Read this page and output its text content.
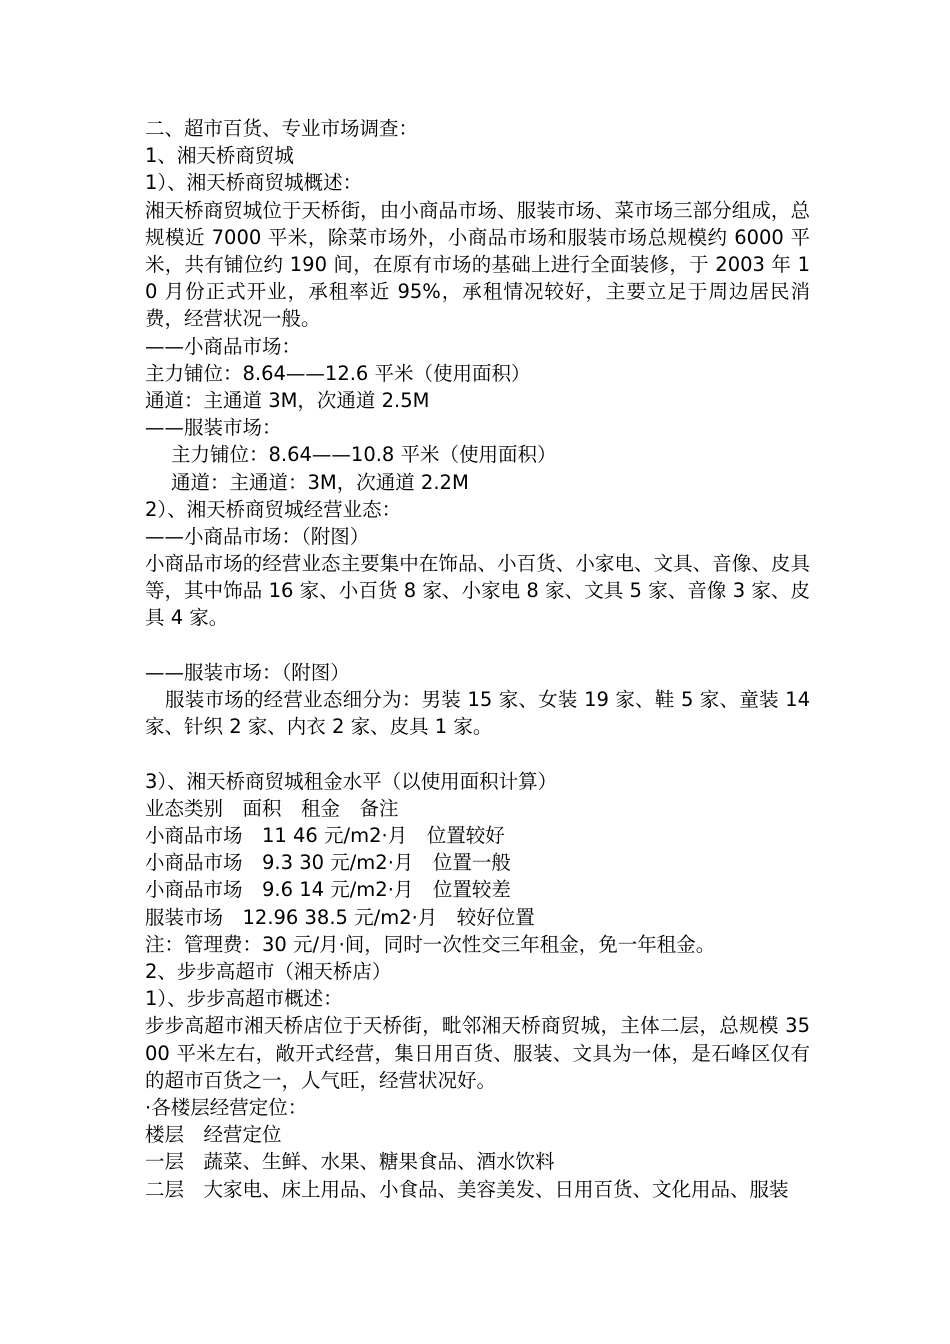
二、超市百货、专业市场调查：
1、湘天桥商贸城
1）、湘天桥商贸城概述：

湘天桥商贸城位于天桥街，由小商品市场、服装市场、菜市场三部分组成，总规模近 7000 平米，除菜市场外，小商品市场和服装市场总规模约 6000 平米，共有铺位约 190 间，在原有市场的基础上进行全面装修，于 2003 年 10 月份正式开业，承租率近 95%，承租情况较好，主要立足于周边居民消费，经营状况一般。

——小商品市场：
主力铺位：8.64——12.6 平米（使用面积）
通道：主通道 3M，次通道 2.5M
——服装市场：
主力铺位：8.64——10.8 平米（使用面积）
通道：主通道：3M，次通道 2.2M
2）、湘天桥商贸城经营业态：
——小商品市场：（附图）

小商品市场的经营业态主要集中在饰品、小百货、小家电、文具、音像、皮具等，其中饰品 16 家、小百货 8 家、小家电 8 家、文具 5 家、音像 3 家、皮具 4 家。

——服装市场：（附图）

服装市场的经营业态细分为：男装 15 家、女装 19 家、鞋 5 家、童装 14 家、针织 2 家、内衣 2 家、皮具 1 家。

3）、湘天桥商贸城租金水平（以使用面积计算）
业态类别　面积　租金　备注
小商品市场　11 46 元/m2·月　位置较好
小商品市场　9.3 30 元/m2·月　位置一般
小商品市场　9.6 14 元/m2·月　位置较差
服装市场　12.96 38.5 元/m2·月　较好位置
注：管理费：30 元/月·间，同时一次性交三年租金，免一年租金。
2、步步高超市（湘天桥店）
1）、步步高超市概述：

步步高超市湘天桥店位于天桥街，毗邻湘天桥商贸城，主体二层，总规模 3500 平米左右，敞开式经营，集日用百货、服装、文具为一体，是石峰区仅有的超市百货之一，人气旺，经营状况好。

·各楼层经营定位：
楼层　经营定位
一层　蔬菜、生鲜、水果、糖果食品、酒水饮料

二层　大家电、床上用品、小食品、美容美发、日用百货、文化用品、服装
